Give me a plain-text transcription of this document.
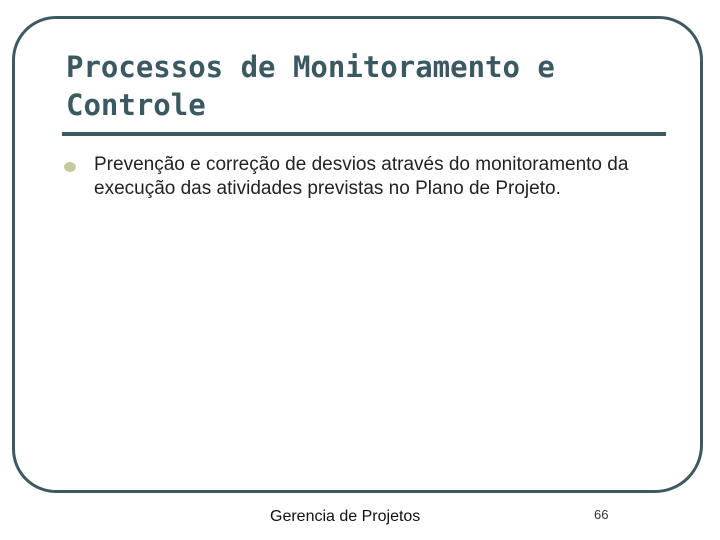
Processos de Monitoramento e Controle

Prevenção e correção de desvios através do monitoramento da execução das atividades previstas no Plano de Projeto.

Gerencia de Projetos	66
